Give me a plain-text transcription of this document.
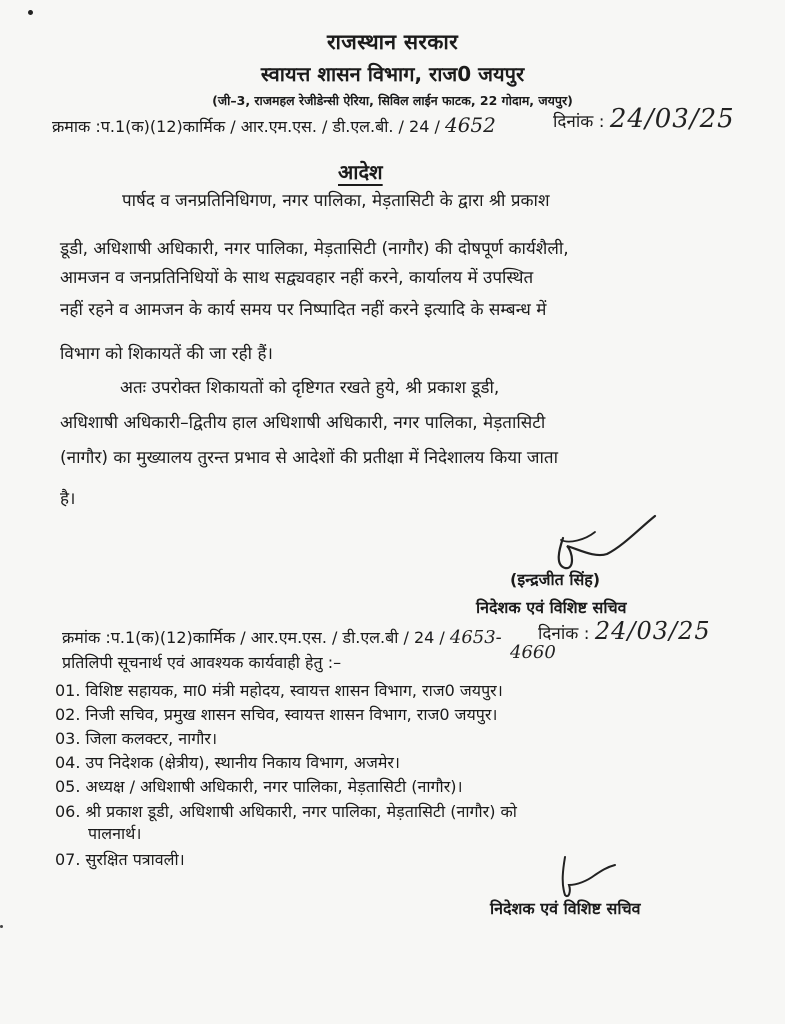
राजस्थान सरकार
स्वायत्त शासन विभाग, राज0 जयपुर
(जी–3, राजमहल रेजीडेन्सी ऐरिया, सिविल लाईन फाटक, 22 गोदाम, जयपुर)
क्रमाक :प.1(क)(12)कार्मिक / आर.एम.एस. / डी.एल.बी. / 24 / 4652	दिनांक : 24/03/25
आदेश
पार्षद व जनप्रतिनिधिगण, नगर पालिका, मेड़तासिटी के द्वारा श्री प्रकाश
डूडी, अधिशाषी अधिकारी, नगर पालिका, मेड़तासिटी (नागौर) की दोषपूर्ण कार्यशैली,
आमजन व जनप्रतिनिधियों के साथ सद्व्यवहार नहीं करने, कार्यालय में उपस्थित
नहीं रहने व आमजन के कार्य समय पर निष्पादित नहीं करने इत्यादि के सम्बन्ध में
विभाग को शिकायतें की जा रही हैं।
अतः उपरोक्त शिकायतों को दृष्टिगत रखते हुये, श्री प्रकाश डूडी,
अधिशाषी अधिकारी–द्वितीय हाल अधिशाषी अधिकारी, नगर पालिका, मेड़तासिटी
(नागौर) का मुख्यालय तुरन्त प्रभाव से आदेशों की प्रतीक्षा में निदेशालय किया जाता
है।
(इन्द्रजीत सिंह)
निदेशक एवं विशिष्ट सचिव
क्रमांक :प.1(क)(12)कार्मिक / आर.एम.एस. / डी.एल.बी / 24 / 4653- दिनांक : 24/03/25
4660
प्रतिलिपी सूचनार्थ एवं आवश्यक कार्यवाही हेतु :–
01. विशिष्ट सहायक, मा0 मंत्री महोदय, स्वायत्त शासन विभाग, राज0 जयपुर।
02. निजी सचिव, प्रमुख शासन सचिव, स्वायत्त शासन विभाग, राज0 जयपुर।
03. जिला कलक्टर, नागौर।
04. उप निदेशक (क्षेत्रीय), स्थानीय निकाय विभाग, अजमेर।
05. अध्यक्ष / अधिशाषी अधिकारी, नगर पालिका, मेड़तासिटी (नागौर)।
06. श्री प्रकाश डूडी, अधिशाषी अधिकारी, नगर पालिका, मेड़तासिटी (नागौर) को
पालनार्थ।
07. सुरक्षित पत्रावली।
निदेशक एवं विशिष्ट सचिव
